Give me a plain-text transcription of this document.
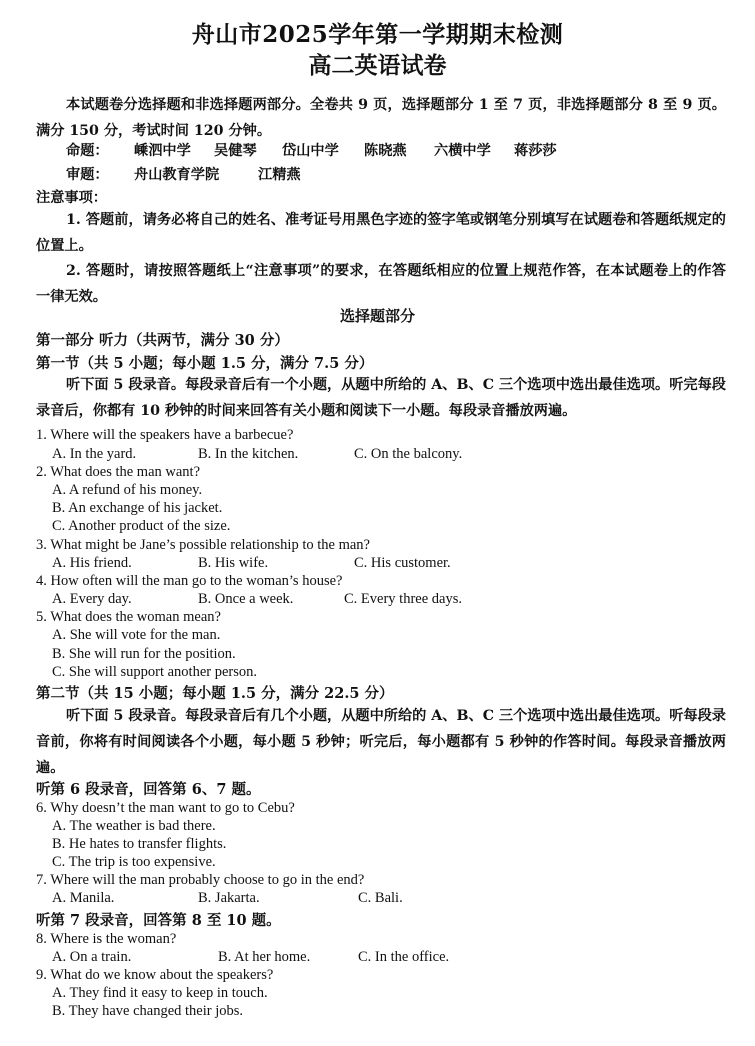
舟山市2025学年第一学期期末检测
高二英语试卷
本试题卷分选择题和非选择题两部分。全卷共 9 页，选择题部分 1 至 7 页，非选择题部分 8 至 9 页。满分 150 分，考试时间 120 分钟。
命题： 嵊泗中学 吴健琴 岱山中学 陈晓燕 六横中学 蒋莎莎
审题： 舟山教育学院	江精燕
注意事项：
1. 答题前，请务必将自己的姓名、准考证号用黑色字迹的签字笔或钢笔分别填写在试题卷和答题纸规定的位置上。
2. 答题时，请按照答题纸上“注意事项”的要求，在答题纸相应的位置上规范作答，在本试题卷上的作答一律无效。
选择题部分
第一部分 听力（共两节，满分 30 分）
第一节（共 5 小题；每小题 1.5 分，满分 7.5 分）
听下面 5 段录音。每段录音后有一个小题，从题中所给的 A、B、C 三个选项中选出最佳选项。听完每段录音后，你都有 10 秒钟的时间来回答有关小题和阅读下一小题。每段录音播放两遍。
1. Where will the speakers have a barbecue?
A. In the yard.	B. In the kitchen.	C. On the balcony.
2. What does the man want?
A. A refund of his money.
B. An exchange of his jacket.
C. Another product of the size.
3. What might be Jane’s possible relationship to the man?
A. His friend.	B. His wife.	C. His customer.
4. How often will the man go to the woman’s house?
A. Every day.	B. Once a week.	C. Every three days.
5. What does the woman mean?
A. She will vote for the man.
B. She will run for the position.
C. She will support another person.
第二节（共 15 小题；每小题 1.5 分，满分 22.5 分）
听下面 5 段录音。每段录音后有几个小题，从题中所给的 A、B、C 三个选项中选出最佳选项。听每段录音前，你将有时间阅读各个小题，每小题 5 秒钟；听完后，每小题都有 5 秒钟的作答时间。每段录音播放两遍。
听第 6 段录音，回答第 6、7 题。
6. Why doesn’t the man want to go to Cebu?
A. The weather is bad there.
B. He hates to transfer flights.
C. The trip is too expensive.
7. Where will the man probably choose to go in the end?
A. Manila.	B. Jakarta.	C. Bali.
听第 7 段录音，回答第 8 至 10 题。
8. Where is the woman?
A. On a train.	B. At her home.	C. In the office.
9. What do we know about the speakers?
A. They find it easy to keep in touch.
B. They have changed their jobs.
